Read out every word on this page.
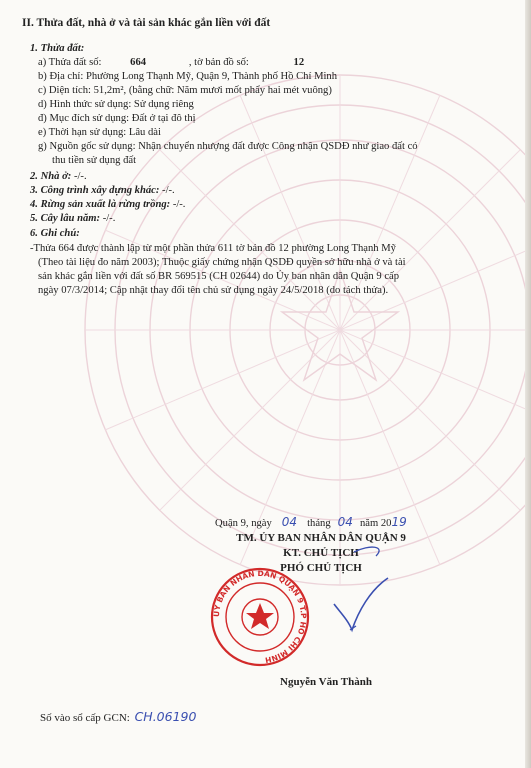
II. Thửa đất, nhà ở và tài sản khác gắn liền với đất
1. Thửa đất:
a) Thửa đất số:	664	, tờ bản đồ số:	12
b) Địa chỉ: Phường Long Thạnh Mỹ, Quận 9, Thành phố Hồ Chí Minh
c) Diện tích: 51,2m², (bằng chữ: Năm mươi mốt phẩy hai mét vuông)
d) Hình thức sử dụng: Sử dụng riêng
đ) Mục đích sử dụng: Đất ở tại đô thị
e) Thời hạn sử dụng: Lâu dài
g) Nguồn gốc sử dụng: Nhận chuyển nhượng đất được Công nhận QSDĐ như giao đất có
thu tiền sử dụng đất
2. Nhà ở: -/-.
3. Công trình xây dựng khác: -/-.
4. Rừng sản xuất là rừng trồng: -/-.
5. Cây lâu năm: -/-.
6. Ghi chú:
-Thửa 664 được thành lập từ một phần thửa 611 tờ bản đồ 12 phường Long Thạnh Mỹ
(Theo tài liệu đo năm 2003); Thuộc giấy chứng nhận QSDĐ quyền sở hữu nhà ở và tài
sản khác gắn liền với đất số BR 569515 (CH 02644) do Ủy ban nhân dân Quận 9 cấp
ngày 07/3/2014; Cập nhật thay đổi tên chủ sử dụng ngày 24/5/2018 (do tách thửa).
Quận 9, ngày 04 tháng 04 năm 2019
TM. ỦY BAN NHÂN DÂN QUẬN 9
KT. CHỦ TỊCH
PHÓ CHỦ TỊCH
ỦY BAN NHÂN DÂN QUẬN 9 T.P HỒ CHÍ MINH
Nguyễn Văn Thành
Số vào sổ cấp GCN: CH.06190
